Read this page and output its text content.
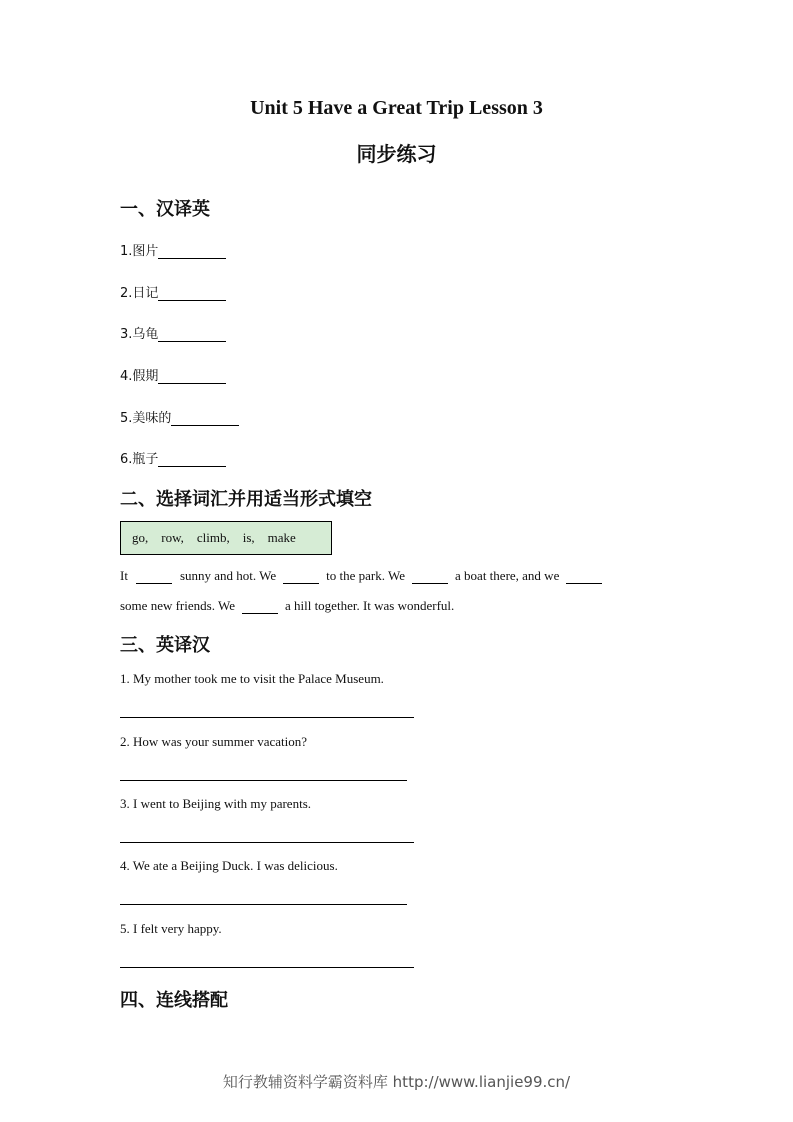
Unit 5 Have a Great Trip Lesson 3
同步练习
一、汉译英
1.图片
2.日记
3.乌龟
4.假期
5.美味的
6.瓶子
二、选择词汇并用适当形式填空
go,    row,    climb,    is,    make
It	sunny and hot. We	to the park. We	a boat there, and we
some new friends. We	a hill together. It was wonderful.
三、英译汉
1. My mother took me to visit the Palace Museum.
2. How was your summer vacation?
3. I went to Beijing with my parents.
4. We ate a Beijing Duck. I was delicious.
5. I felt very happy.
四、连线搭配
知行教辅资料学霸资料库 http://www.lianjie99.cn/
